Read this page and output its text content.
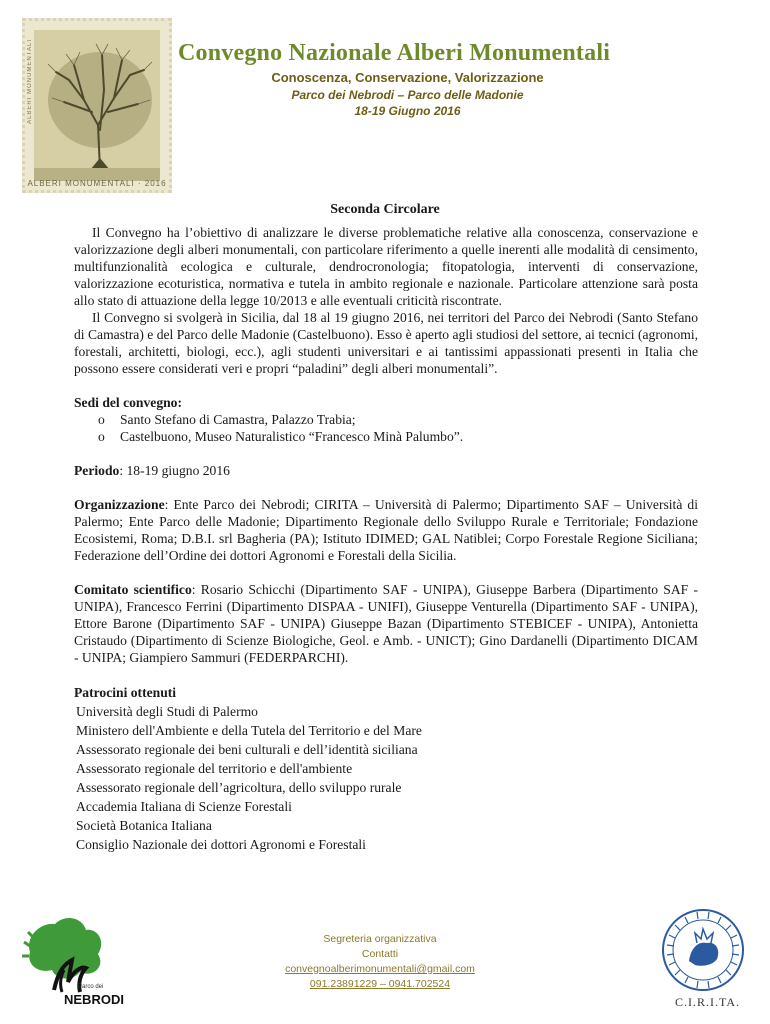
ALBERI MONUMENTALI
ALBERI MONUMENTALI · 2016
Convegno Nazionale Alberi Monumentali
Conoscenza, Conservazione, Valorizzazione
Parco dei Nebrodi – Parco delle Madonie
18-19 Giugno 2016
Seconda Circolare

Il Convegno ha l’obiettivo di analizzare le diverse problematiche relative alla conoscenza, conservazione e valorizzazione degli alberi monumentali, con particolare riferimento a quelle inerenti alle modalità di censimento, multifunzionalità ecologica e culturale, dendrocronologia; fitopatologia, interventi di conservazione, valorizzazione ecoturistica, normativa e tutela in ambito regionale e nazionale. Particolare attenzione sarà posta allo stato di attuazione della legge 10/2013 e alle eventuali criticità riscontrate.

Il Convegno si svolgerà in Sicilia, dal 18 al 19 giugno 2016, nei territori del Parco dei Nebrodi (Santo Stefano di Camastra) e del Parco delle Madonie (Castelbuono). Esso è aperto agli studiosi del settore, ai tecnici (agronomi, forestali, architetti, biologi, ecc.), agli studenti universitari e ai tantissimi appassionati presenti in Italia che possono essere considerati veri e propri “paladini” degli alberi monumentali”.

Sedi del convegno:

o Santo Stefano di Camastra, Palazzo Trabia;
o Castelbuono, Museo Naturalistico “Francesco Minà Palumbo”.

Periodo: 18-19 giugno 2016

Organizzazione: Ente Parco dei Nebrodi; CIRITA – Università di Palermo; Dipartimento SAF – Università di Palermo; Ente Parco delle Madonie; Dipartimento Regionale dello Sviluppo Rurale e Territoriale; Fondazione Ecosistemi, Roma; D.B.I. srl Bagheria (PA); Istituto IDIMED; GAL Natiblei; Corpo Forestale Regione Siciliana; Federazione dell’Ordine dei dottori Agronomi e Forestali della Sicilia.

Comitato scientifico: Rosario Schicchi (Dipartimento SAF - UNIPA), Giuseppe Barbera (Dipartimento SAF - UNIPA), Francesco Ferrini (Dipartimento DISPAA - UNIFI), Giuseppe Venturella (Dipartimento SAF - UNIPA), Ettore Barone (Dipartimento SAF - UNIPA) Giuseppe Bazan (Dipartimento STEBICEF - UNIPA), Antonietta Cristaudo (Dipartimento di Scienze Biologiche, Geol. e Amb. - UNICT); Gino Dardanelli (Dipartimento DICAM - UNIPA; Giampiero Sammuri (FEDERPARCHI).

Patrocini ottenuti

Università degli Studi di Palermo
Ministero dell'Ambiente e della Tutela del Territorio e del Mare
Assessorato regionale dei beni culturali e dell’identità siciliana
Assessorato regionale del territorio e dell'ambiente
Assessorato regionale dell’agricoltura, dello sviluppo rurale
Accademia Italiana di Scienze Forestali
Società Botanica Italiana
Consiglio Nazionale dei dottori Agronomi e Forestali
Parco dei
NEBRODI
Segreteria organizzativa
Contatti
convegnoalberimonumentali@gmail.com
091.23891229 – 0941.702524
C.I.R.I.TA.
